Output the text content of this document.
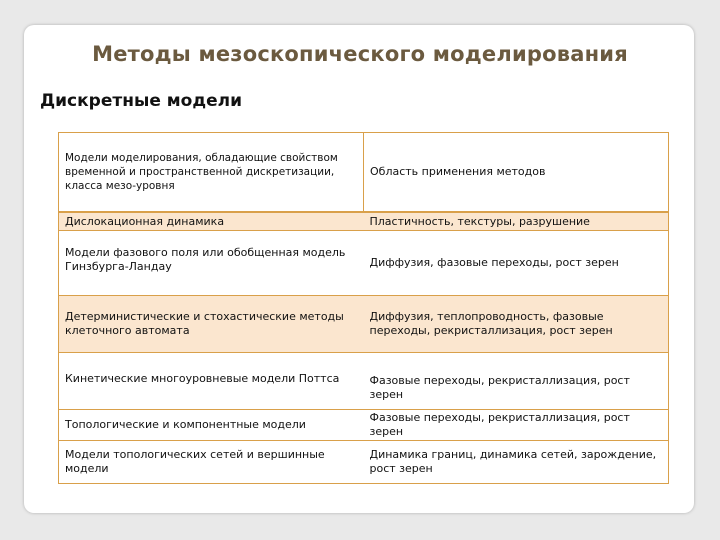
Методы мезоскопического моделирования
Дискретные модели
Модели моделирования, обладающие свойством временной и пространственной дискретизации, класса мезо-уровня	Область применения методов
Дислокационная динамика	Пластичность, текстуры, разрушение
Модели фазового поля или обобщенная модель Гинзбурга-Ландау	Диффузия, фазовые переходы, рост зерен
Детерминистические и стохастические методы клеточного автомата	Диффузия, теплопроводность, фазовые переходы, рекристаллизация, рост зерен
Кинетические многоуровневые модели Поттса	Фазовые переходы, рекристаллизация, рост зерен
Топологические и компонентные модели	Фазовые переходы, рекристаллизация, рост зерен
Модели топологических сетей и вершинные модели	Динамика границ, динамика сетей, зарождение, рост зерен
